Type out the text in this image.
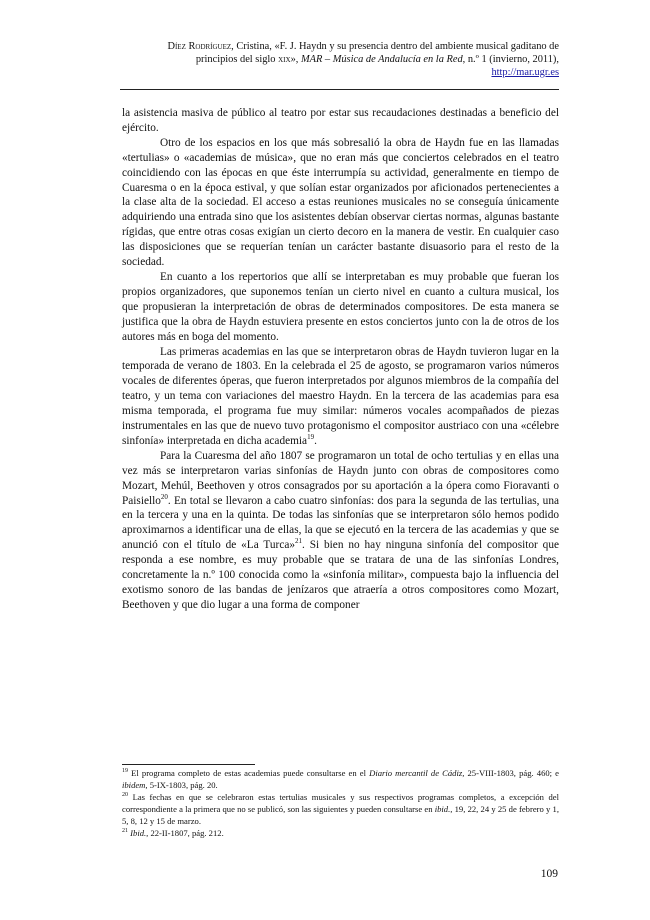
Díez Rodríguez, Cristina, «F. J. Haydn y su presencia dentro del ambiente musical gaditano de
principios del siglo xix», MAR – Música de Andalucía en la Red, n.º 1 (invierno, 2011),
http://mar.ugr.es

la asistencia masiva de público al teatro por estar sus recaudaciones destinadas a beneficio del ejército.

Otro de los espacios en los que más sobresalió la obra de Haydn fue en las llamadas «tertulias» o «academias de música», que no eran más que conciertos celebrados en el teatro coincidiendo con las épocas en que éste interrumpía su actividad, generalmente en tiempo de Cuaresma o en la época estival, y que solían estar organizados por aficionados pertenecientes a la clase alta de la sociedad. El acceso a estas reuniones musicales no se conseguía únicamente adquiriendo una entrada sino que los asistentes debían observar ciertas normas, algunas bastante rígidas, que entre otras cosas exigían un cierto decoro en la manera de vestir. En cualquier caso las disposiciones que se requerían tenían un carácter bastante disuasorio para el resto de la sociedad.

En cuanto a los repertorios que allí se interpretaban es muy probable que fueran los propios organizadores, que suponemos tenían un cierto nivel en cuanto a cultura musical, los que propusieran la interpretación de obras de determinados compositores. De esta manera se justifica que la obra de Haydn estuviera presente en estos conciertos junto con la de otros de los autores más en boga del momento.

Las primeras academias en las que se interpretaron obras de Haydn tuvieron lugar en la temporada de verano de 1803. En la celebrada el 25 de agosto, se programaron varios números vocales de diferentes óperas, que fueron interpretados por algunos miembros de la compañía del teatro, y un tema con variaciones del maestro Haydn. En la tercera de las academias para esa misma temporada, el programa fue muy similar: números vocales acompañados de piezas instrumentales en las que de nuevo tuvo protagonismo el compositor austriaco con una «célebre sinfonía» interpretada en dicha academia$^{19}$.

Para la Cuaresma del año 1807 se programaron un total de ocho tertulias y en ellas una vez más se interpretaron varias sinfonías de Haydn junto con obras de compositores como Mozart, Mehúl, Beethoven y otros consagrados por su aportación a la ópera como Fioravanti o Paisiello$^{20}$. En total se llevaron a cabo cuatro sinfonías: dos para la segunda de las tertulias, una en la tercera y una en la quinta. De todas las sinfonías que se interpretaron sólo hemos podido aproximarnos a identificar una de ellas, la que se ejecutó en la tercera de las academias y que se anunció con el título de «La Turca»$^{21}$. Si bien no hay ninguna sinfonía del compositor que responda a ese nombre, es muy probable que se tratara de una de las sinfonías Londres, concretamente la n.º 100 conocida como la «sinfonía militar», compuesta bajo la influencia del exotismo sonoro de las bandas de jenízaros que atraería a otros compositores como Mozart, Beethoven y que dio lugar a una forma de componer

$^{19}$ El programa completo de estas academias puede consultarse en el Diario mercantil de Cádiz, 25-VIII-1803, pág. 460; e ibidem, 5-IX-1803, pág. 20.

$^{20}$ Las fechas en que se celebraron estas tertulias musicales y sus respectivos programas completos, a excepción del correspondiente a la primera que no se publicó, son las siguientes y pueden consultarse en ibid., 19, 22, 24 y 25 de febrero y 1, 5, 8, 12 y 15 de marzo.

$^{21}$ Ibid., 22-II-1807, pág. 212.

109
